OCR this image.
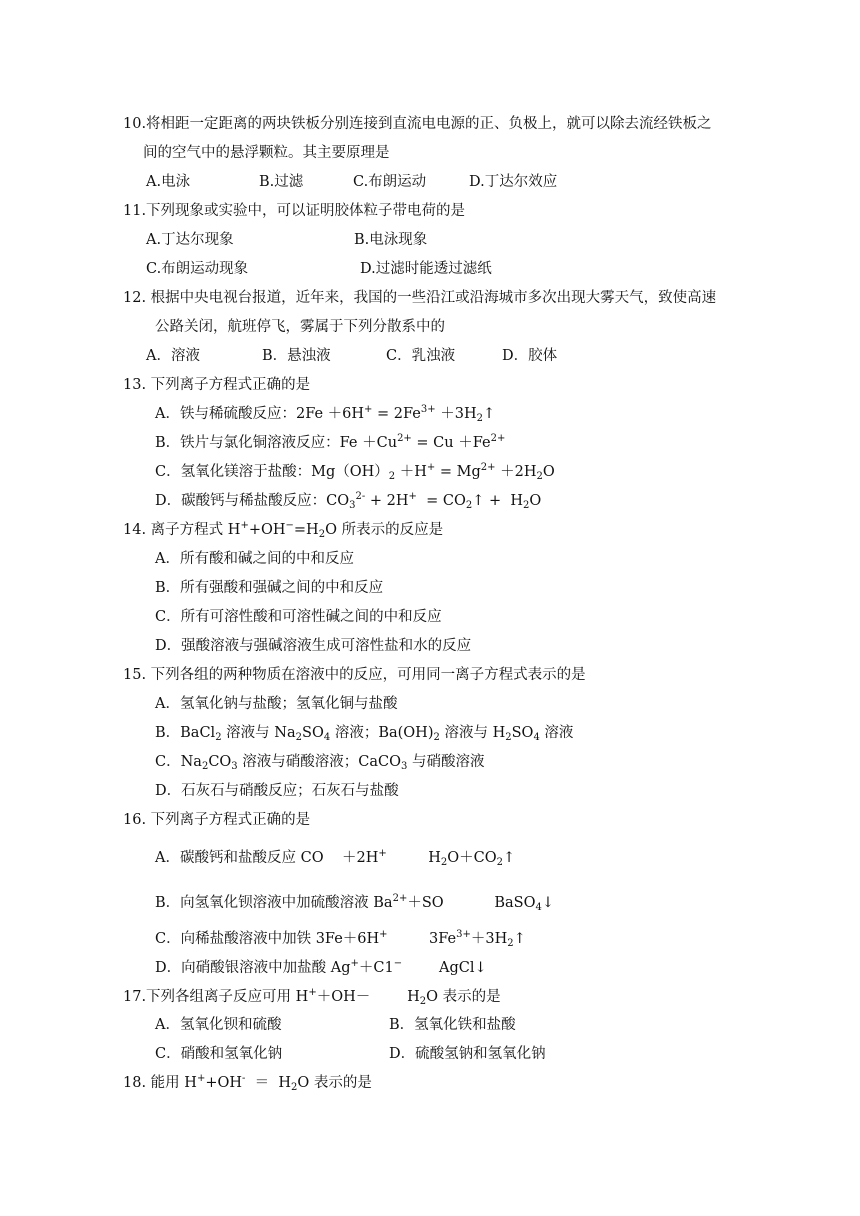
10.将相距一定距离的两块铁板分别连接到直流电电源的正、负极上，就可以除去流经铁板之
间的空气中的悬浮颗粒。其主要原理是
A.电泳	B.过滤	C.布朗运动	D.丁达尔效应
11.下列现象或实验中，可以证明胶体粒子带电荷的是
A.丁达尔现象	B.电泳现象
C.布朗运动现象	D.过滤时能透过滤纸
12. 根据中央电视台报道，近年来，我国的一些沿江或沿海城市多次出现大雾天气，致使高速
公路关闭，航班停飞，雾属于下列分散系中的
A．溶液	B．悬浊液	C．乳浊液	D．胶体
13. 下列离子方程式正确的是
A．铁与稀硫酸反应：$2Fe +6H^+ = 2Fe^{3+}$ $+3H_2↑$
B．铁片与氯化铜溶液反应：$Fe +Cu^{2+} = Cu +Fe^{2+}$
C．氢氧化镁溶于盐酸：$Mg(OH)_2 +H^+ = Mg^{2+} +2H_2O$
D．碳酸钙与稀盐酸反应：$CO_3^{2-} + 2H^+$  = $CO_2↑ + H_2O$
14. 离子方程式 $H^++OH^-=H_2O$ 所表示的反应是
A．所有酸和碱之间的中和反应
B．所有强酸和强碱之间的中和反应
C．所有可溶性酸和可溶性碱之间的中和反应
D．强酸溶液与强碱溶液生成可溶性盐和水的反应
15. 下列各组的两种物质在溶液中的反应，可用同一离子方程式表示的是
A．氢氧化钠与盐酸；氢氧化铜与盐酸
B．BaCl$_2$ 溶液与 $Na_2SO_4$ 溶液；$Ba(OH)_2$ 溶液与 $H_2SO_4$ 溶液
C．$Na_2CO_3$ 溶液与硝酸溶液；CaCO$_3$ 与硝酸溶液
D．石灰石与硝酸反应；石灰石与盐酸
16. 下列离子方程式正确的是
A．碳酸钙和盐酸反应 CO    ＋2H+         $H_2O+CO_2↑$
B．向氢氧化钡溶液中加硫酸溶液 $Ba^{2+}+SO$           BaSO$_4$↓
C．向稀盐酸溶液中加铁 3Fe＋6H+         $3Fe^{3+}+3H_2↑$
D．向硝酸银溶液中加盐酸 Ag+＋C1−        AgCl↓
17.下列各组离子反应可用 H+＋OH－        $H_2O$ 表示的是
A．氢氧化钡和硫酸	B．氢氧化铁和盐酸
C．硝酸和氢氧化钠	D．硫酸氢钠和氢氧化钠
18. 能用 $H^++OH^- = H_2O$ 表示的是
